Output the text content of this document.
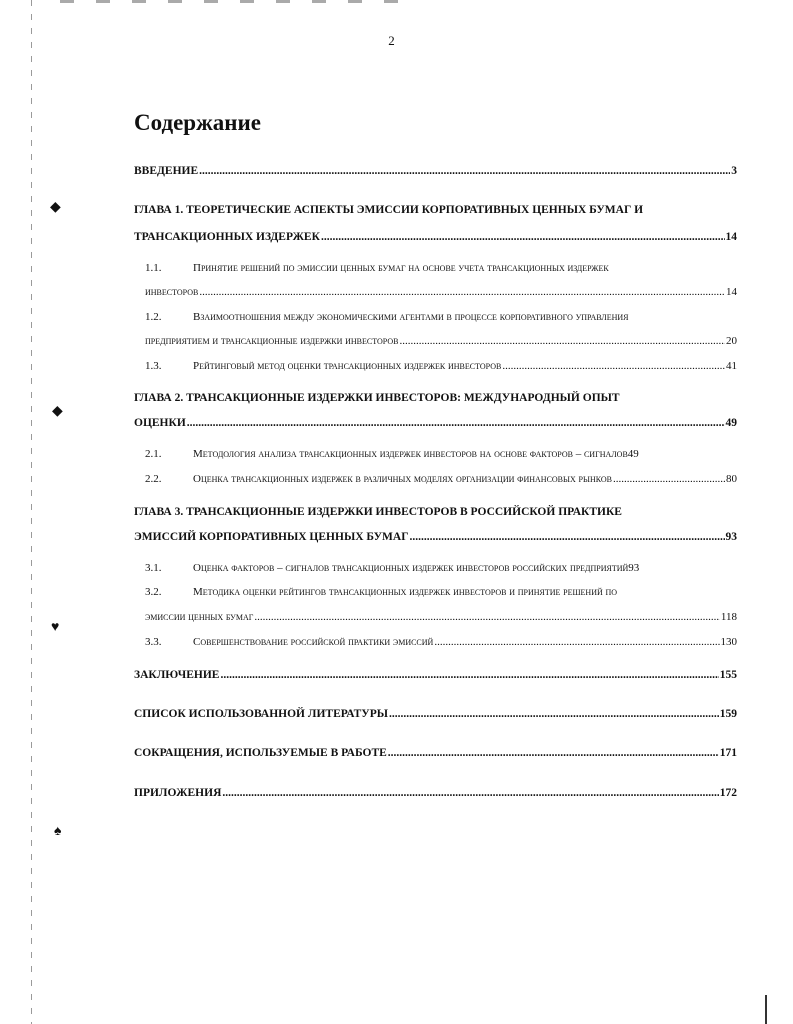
◆
◆
♥
♠
2
Содержание
ВВЕДЕНИЕ .....	3
ГЛАВА 1. ТЕОРЕТИЧЕСКИЕ АСПЕКТЫ ЭМИССИИ КОРПОРАТИВНЫХ ЦЕННЫХ БУМАГ И
ТРАНСАКЦИОННЫХ ИЗДЕРЖЕК .....	14
1.1.	Принятие решений по эмиссии ценных бумаг на основе учета трансакционных издержек
инвесторов .....	14
1.2.	Взаимоотношения между экономическими агентами в процессе корпоративного управления
предприятием и трансакционные издержки инвесторов .....	20
1.3.	Рейтинговый метод оценки трансакционных издержек инвесторов .....	41
ГЛАВА 2. ТРАНСАКЦИОННЫЕ ИЗДЕРЖКИ ИНВЕСТОРОВ: МЕЖДУНАРОДНЫЙ ОПЫТ
ОЦЕНКИ .....	49
2.1.	Методология анализа трансакционных издержек инвесторов на основе факторов – сигналов 49
2.2.	Оценка трансакционных издержек в различных моделях организации финансовых рынков .....	80
ГЛАВА 3. ТРАНСАКЦИОННЫЕ ИЗДЕРЖКИ ИНВЕСТОРОВ В РОССИЙСКОЙ ПРАКТИКЕ
ЭМИССИЙ КОРПОРАТИВНЫХ ЦЕННЫХ БУМАГ .....	93
3.1.	Оценка факторов – сигналов трансакционных издержек инвесторов российских предприятий 93
3.2.	Методика оценки рейтингов трансакционных издержек инвесторов и принятие решений по
эмиссии ценных бумаг .....	118
3.3.	Совершенствование российской практики эмиссий .....	130
ЗАКЛЮЧЕНИЕ .....	155
СПИСОК ИСПОЛЬЗОВАННОЙ ЛИТЕРАТУРЫ .....	159
СОКРАЩЕНИЯ, ИСПОЛЬЗУЕМЫЕ В РАБОТЕ .....	171
ПРИЛОЖЕНИЯ .....	172
